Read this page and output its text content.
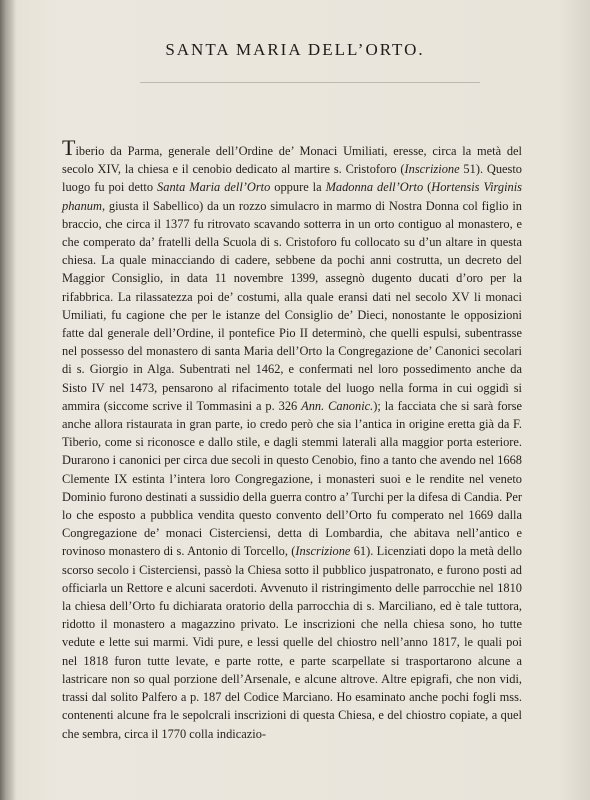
SANTA MARIA DELL’ORTO.

Tiberio da Parma, generale dell’Ordine de’ Monaci Umiliati, eresse, circa la metà del secolo XIV, la chiesa e il cenobio dedicato al martire s. Cristoforo (Inscrizione 51). Questo luogo fu poi detto Santa Maria dell’Orto oppure la Madonna dell’Orto (Hortensis Virginis phanum, giusta il Sabellico) da un rozzo simulacro in marmo di Nostra Donna col figlio in braccio, che circa il 1377 fu ritrovato scavando sotterra in un orto contiguo al monastero, e che comperato da’ fratelli della Scuola di s. Cristoforo fu collocato su d’un altare in questa chiesa. La quale minacciando di cadere, sebbene da pochi anni costrutta, un decreto del Maggior Consiglio, in data 11 novembre 1399, assegnò dugento ducati d’oro per la rifabbrica. La rilassatezza poi de’ costumi, alla quale eransi dati nel secolo XV li monaci Umiliati, fu cagione che per le istanze del Consiglio de’ Dieci, nonostante le opposizioni fatte dal generale dell’Ordine, il pontefice Pio II determinò, che quelli espulsi, subentrasse nel possesso del monastero di santa Maria dell’Orto la Congregazione de’ Canonici secolari di s. Giorgio in Alga. Subentrati nel 1462, e confermati nel loro possedimento anche da Sisto IV nel 1473, pensarono al rifacimento totale del luogo nella forma in cui oggidì si ammira (siccome scrive il Tommasini a p. 326 Ann. Canonic.); la facciata che si sarà forse anche allora ristaurata in gran parte, io credo però che sia l’antica in origine eretta già da F. Tiberio, come si riconosce e dallo stile, e dagli stemmi laterali alla maggior porta esteriore. Durarono i canonici per circa due secoli in questo Cenobio, fino a tanto che avendo nel 1668 Clemente IX estinta l’intera loro Congregazione, i monasteri suoi e le rendite nel veneto Dominio furono destinati a sussidio della guerra contro a’ Turchi per la difesa di Candia. Per lo che esposto a pubblica vendita questo convento dell’Orto fu comperato nel 1669 dalla Congregazione de’ monaci Cisterciensi, detta di Lombardia, che abitava nell’antico e rovinoso monastero di s. Antonio di Torcello, (Inscrizione 61). Licenziati dopo la metà dello scorso secolo i Cisterciensi, passò la Chiesa sotto il pubblico juspatronato, e furono posti ad officiarla un Rettore e alcuni sacerdoti. Avvenuto il ristringimento delle parrocchie nel 1810 la chiesa dell’Orto fu dichiarata oratorio della parrocchia di s. Marciliano, ed è tale tuttora, ridotto il monastero a magazzino privato. Le inscrizioni che nella chiesa sono, ho tutte vedute e lette sui marmi. Vidi pure, e lessi quelle del chiostro nell’anno 1817, le quali poi nel 1818 furon tutte levate, e parte rotte, e parte scarpellate si trasportarono alcune a lastricare non so qual porzione dell’Arsenale, e alcune altrove. Altre epigrafi, che non vidi, trassi dal solito Palfero a p. 187 del Codice Marciano. Ho esaminato anche pochi fogli mss. contenenti alcune fra le sepolcrali inscrizioni di questa Chiesa, e del chiostro copiate, a quel che sembra, circa il 1770 colla indicazio-
